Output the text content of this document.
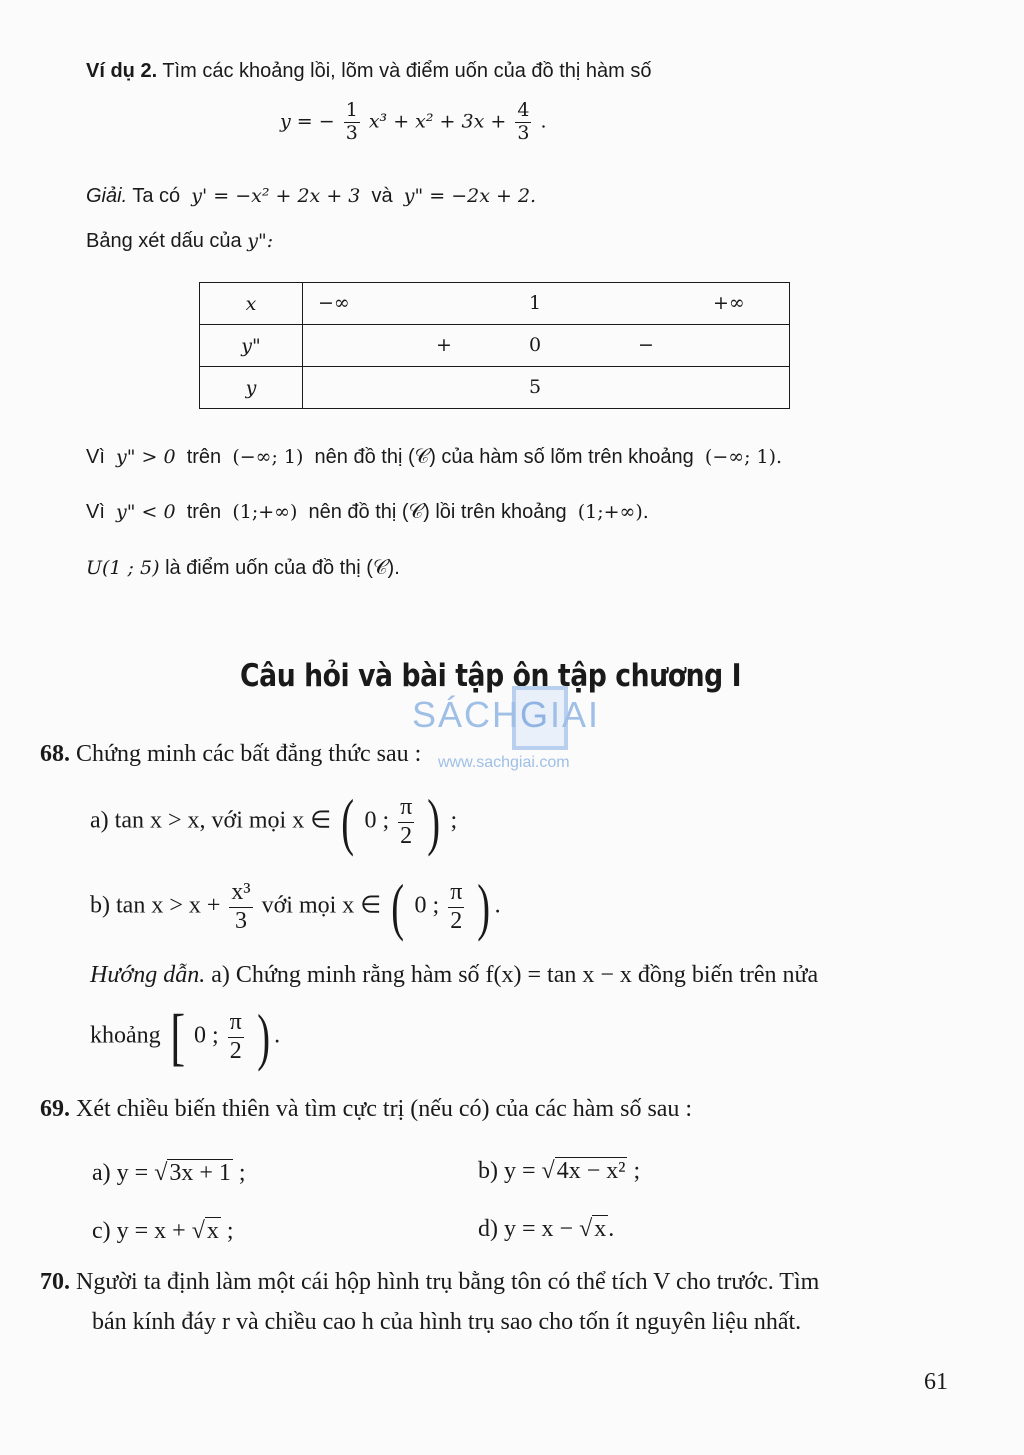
Ví dụ 2. Tìm các khoảng lồi, lõm và điểm uốn của đồ thị hàm số
y = − $\frac{1}{3} x^3 + x^2 + 3x + \frac{4}{3}$ .
Giải. Ta có y' = −x² + 2x + 3 và y" = −2x + 2.
Bảng xét dấu của y":
x	−∞ 1 +∞

y"	+ 0 −

y	5
Vì y" > 0 trên (−∞; 1) nên đồ thị (𝒞) của hàm số lõm trên khoảng (−∞; 1).
Vì y" < 0 trên (1;+∞) nên đồ thị (𝒞) lồi trên khoảng (1;+∞).
U(1 ; 5) là điểm uốn của đồ thị (𝒞).
Câu hỏi và bài tập ôn tập chương I
SÁCHGIAI
www.sachgiai.com
68. Chứng minh các bất đẳng thức sau :
a) tan x > x, với mọi x ∈ ( 0 ; $\frac{\pi}{2}$ ) ;
b) $\tan x > x + \frac{\text{x³}}{3}$ với mọi x ∈ ( 0 ; $\frac{\pi}{2}$ ) .
Hướng dẫn. a) Chứng minh rằng hàm số f(x) = tan x − x đồng biến trên nửa
khoảng [ 0 ; $\frac{\pi}{2}$ ) .
69. Xét chiều biến thiên và tìm cực trị (nếu có) của các hàm số sau :
a) y = √3x + 1 ;	b) y = √4x − x² ;
c) y = x + √x ;	d) y = x − √x.
70. Người ta định làm một cái hộp hình trụ bằng tôn có thể tích V cho trước. Tìm
bán kính đáy r và chiều cao h của hình trụ sao cho tốn ít nguyên liệu nhất.
61
